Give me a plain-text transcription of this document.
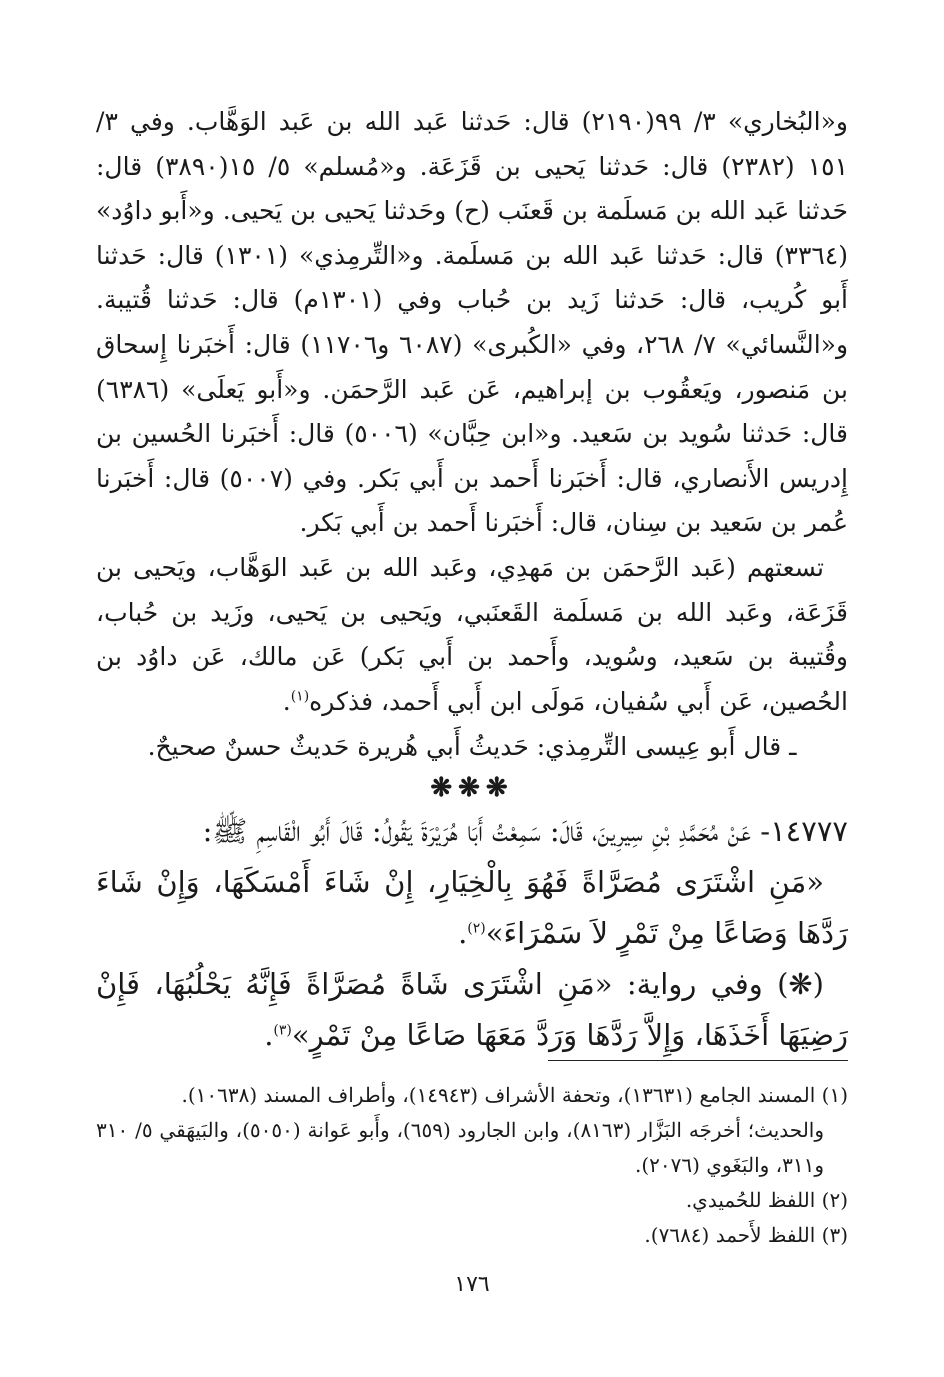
و«البُخاري» ٣/ ٩٩(٢١٩٠) قال: حَدثنا عَبد الله بن عَبد الوَهَّاب. وفي ٣/ ١٥١ (٢٣٨٢) قال: حَدثنا يَحيى بن قَزَعَة. و«مُسلم» ٥/ ١٥(٣٨٩٠) قال: حَدثنا عَبد الله بن مَسلَمة بن قَعنَب (ح) وحَدثنا يَحيى بن يَحيى. و«أَبو داوُد» (٣٣٦٤) قال: حَدثنا عَبد الله بن مَسلَمة. و«التِّرمِذي» (١٣٠١) قال: حَدثنا أَبو كُريب، قال: حَدثنا زَيد بن حُباب وفي (١٣٠١م) قال: حَدثنا قُتيبة. و«النَّسائي» ٧/ ٢٦٨، وفي «الكُبرى» (٦٠٨٧ و١١٧٠٦) قال: أَخبَرنا إِسحاق بن مَنصور، ويَعقُوب بن إبراهيم، عَن عَبد الرَّحمَن. و«أَبو يَعلَى» (٦٣٨٦) قال: حَدثنا سُويد بن سَعيد. و«ابن حِبَّان» (٥٠٠٦) قال: أَخبَرنا الحُسين بن إِدريس الأَنصاري، قال: أَخبَرنا أَحمد بن أَبي بَكر. وفي (٥٠٠٧) قال: أَخبَرنا عُمر بن سَعيد بن سِنان، قال: أَخبَرنا أَحمد بن أَبي بَكر.

تسعتهم (عَبد الرَّحمَن بن مَهدِي، وعَبد الله بن عَبد الوَهَّاب، ويَحيى بن قَزَعَة، وعَبد الله بن مَسلَمة القَعنَبي، ويَحيى بن يَحيى، وزَيد بن حُباب، وقُتيبة بن سَعيد، وسُويد، وأَحمد بن أَبي بَكر) عَن مالك، عَن داوُد بن الحُصين، عَن أَبي سُفيان، مَولَى ابن أَبي أَحمد، فذكره$^{(١)}$.

ـ قال أَبو عِيسى التِّرمِذي: حَديثُ أَبي هُريرة حَديثٌ حسنٌ صحيحٌ.

❋❋❋

١٤٧٧٧- عَنْ مُحَمَّدِ بْنِ سِيرِينَ، قَالَ: سَمِعْتُ أَبَا هُرَيْرَةَ يَقُولُ: قَالَ أَبُو الْقَاسِمِ ﷺ:

«مَنِ اشْتَرَى مُصَرَّاةً فَهُوَ بِالْخِيَارِ، إِنْ شَاءَ أَمْسَكَهَا، وَإِنْ شَاءَ رَدَّهَا وَصَاعًا مِنْ تَمْرٍ لاَ سَمْرَاءَ»$^{(٢)}$.

(❋) وفي رواية: «مَنِ اشْتَرَى شَاةً مُصَرَّاةً فَإِنَّهُ يَحْلُبُهَا، فَإِنْ رَضِيَهَا أَخَذَهَا، وَإِلاَّ رَدَّهَا وَرَدَّ مَعَهَا صَاعًا مِنْ تَمْرٍ»$^{(٣)}$.

(١) المسند الجامع (١٣٦٣١)، وتحفة الأشراف (١٤٩٤٣)، وأطراف المسند (١٠٦٣٨).

والحديث؛ أخرجَه البَزَّار (٨١٦٣)، وابن الجارود (٦٥٩)، وأَبو عَوانة (٥٠٥٠)، والبَيهَقي ٥/ ٣١٠ و٣١١، والبَغَوي (٢٠٧٦).

(٢) اللفظ للحُميدي.

(٣) اللفظ لأَحمد (٧٦٨٤).

١٧٦
